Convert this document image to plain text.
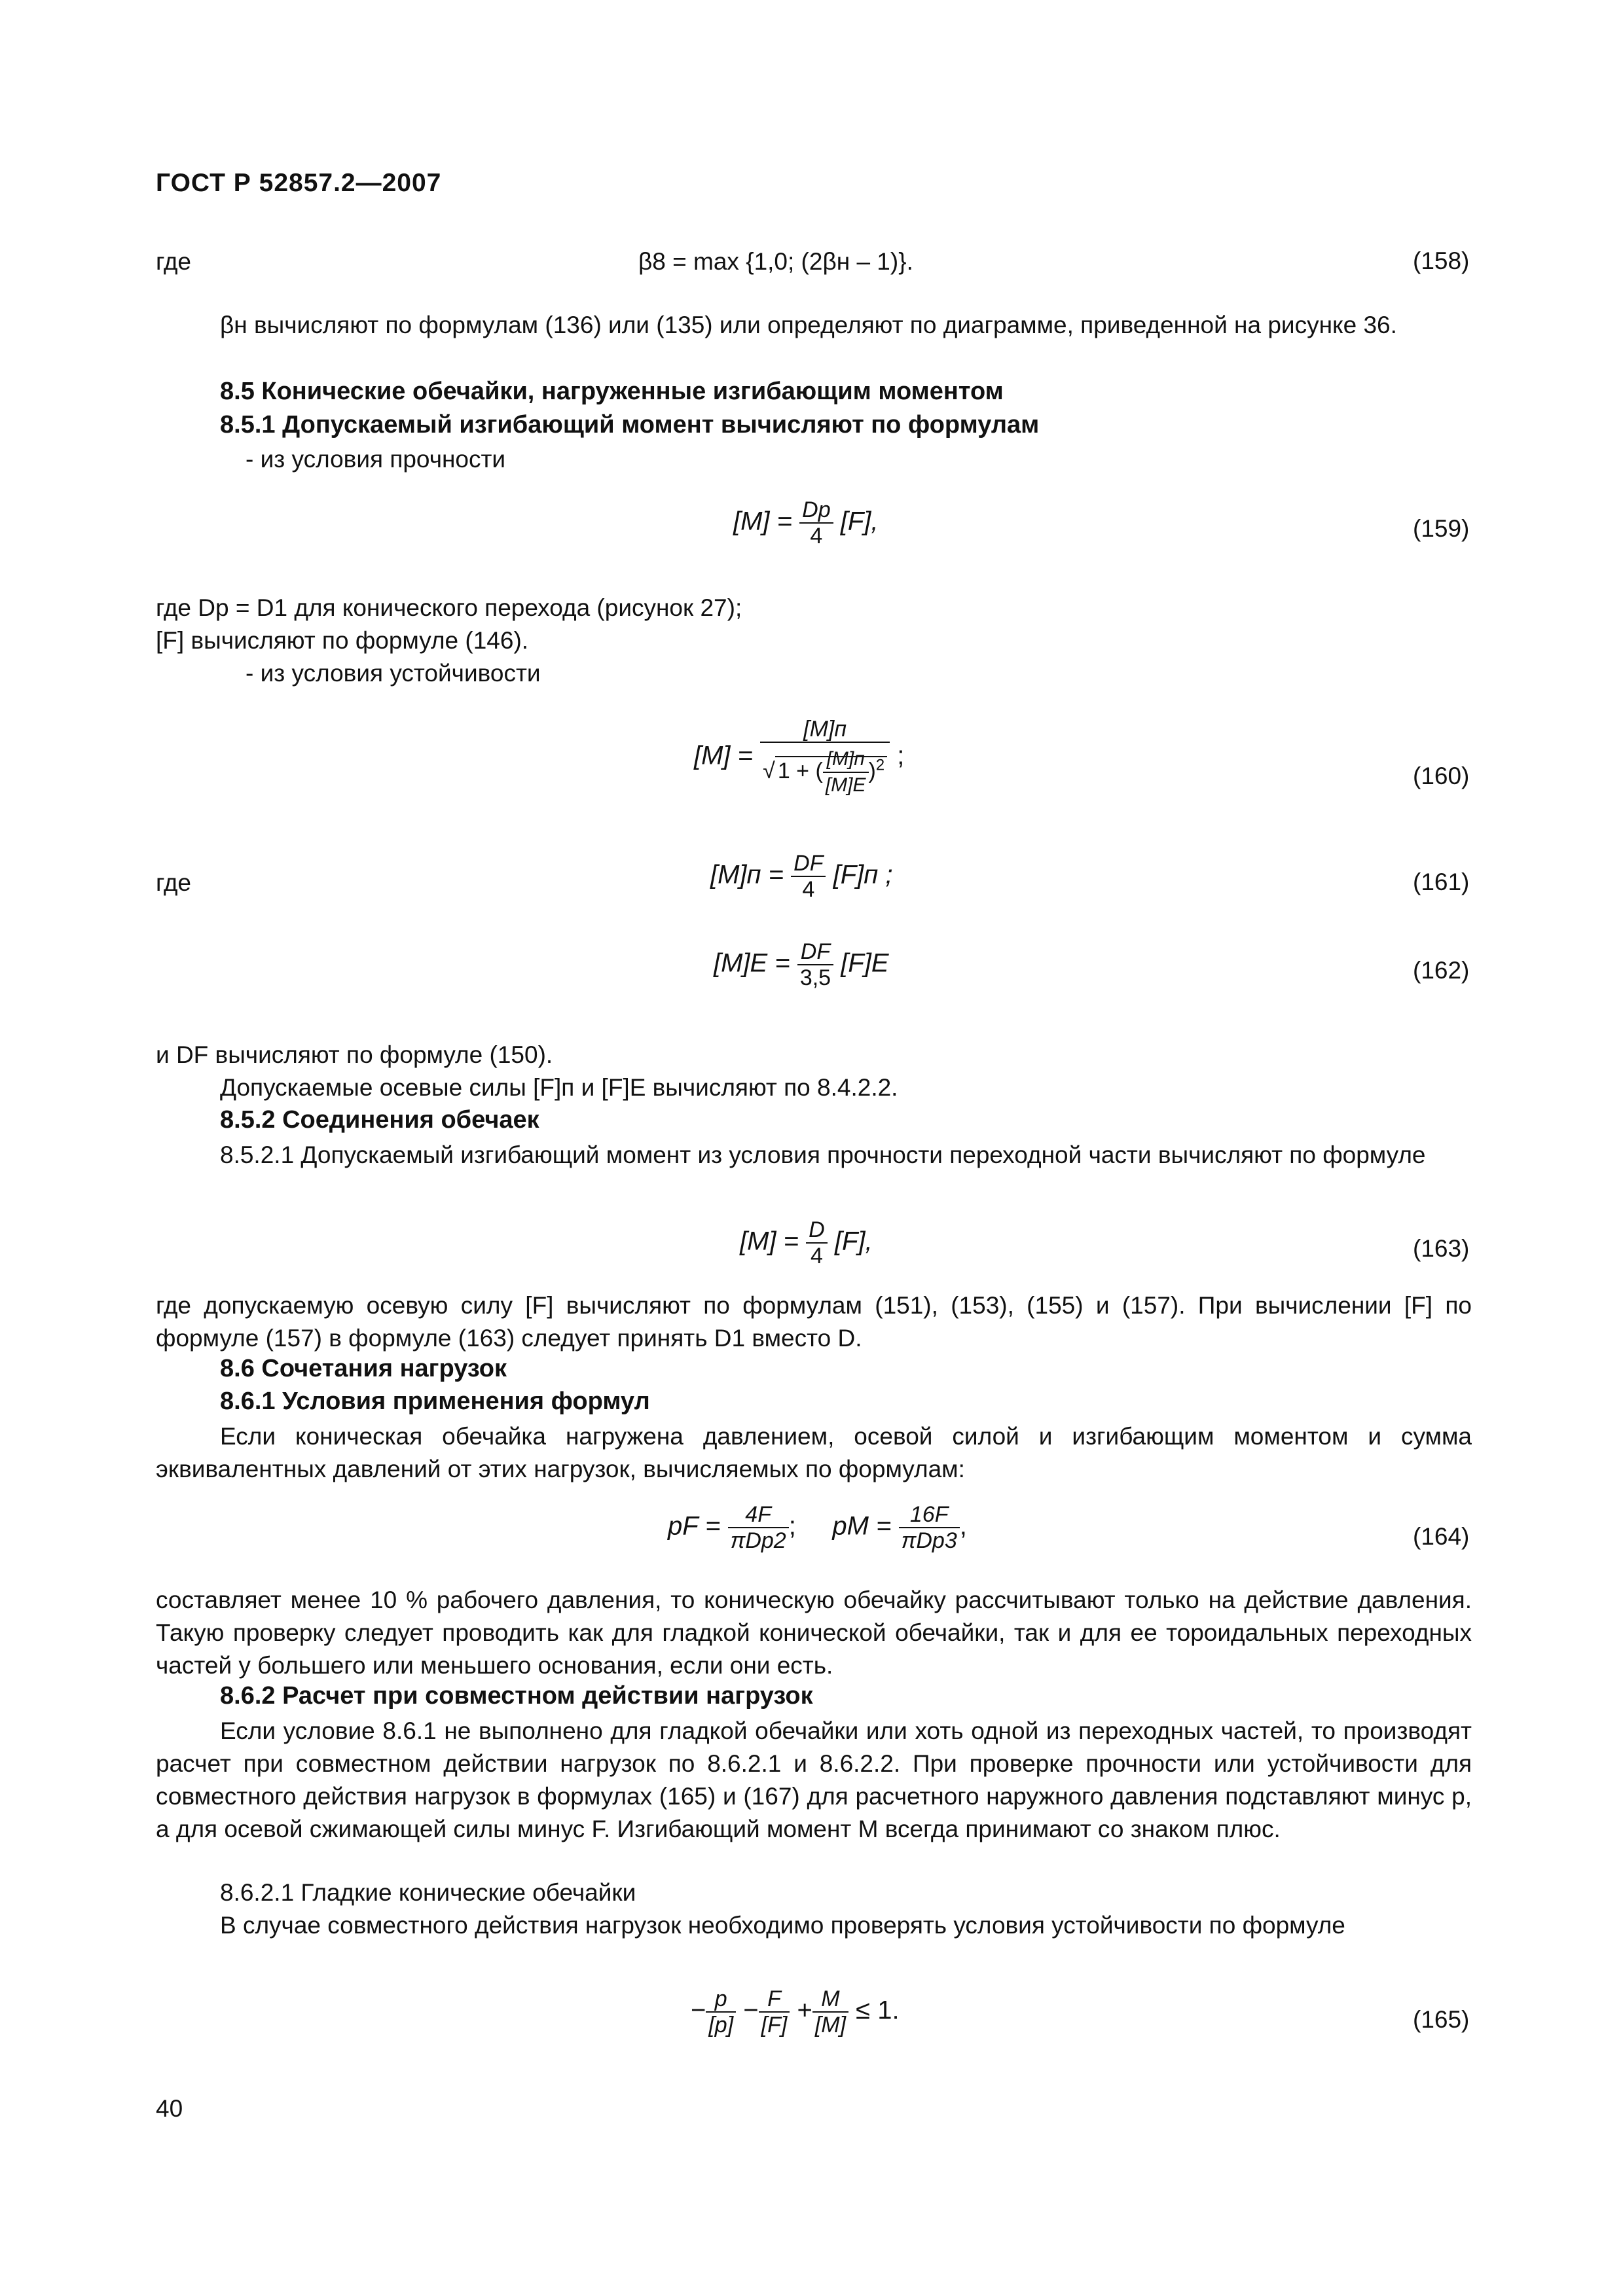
ГОСТ Р 52857.2—2007
где	β8 = max {1,0; (2βн – 1)}.	(158)
βн вычисляют по формулам (136) или (135) или определяют по диаграмме, приведенной на рисунке 36.
8.5 Конические обечайки, нагруженные изгибающим моментом
8.5.1 Допускаемый изгибающий момент вычисляют по формулам
- из условия прочности
$[M] = \frac{Dp}{4} [F]$,	(159)
где Dp = D1 для конического перехода (рисунок 27);
[F] вычисляют по формуле (146).
- из условия устойчивости
$[M] = \frac{[M]п}{√ 1 + ( \frac{[M]п}{[M]E} )^2}$ ;
(160)
где	$[M]п = \frac{DF}{4} [F]п$ ;	(161)
$[M]E = \frac{DF}{3,5} [F]E$	(162)
и DF вычисляют по формуле (150).
Допускаемые осевые силы [F]п и [F]E вычисляют по 8.4.2.2.
8.5.2 Соединения обечаек
8.5.2.1 Допускаемый изгибающий момент из условия прочности переходной части вычисляют по формуле
$[M] = \frac{D}{4} [F]$,	(163)
где допускаемую осевую силу [F] вычисляют по формулам (151), (153), (155) и (157). При вычислении [F] по формуле (157) в формуле (163) следует принять D1 вместо D.
8.6 Сочетания нагрузок
8.6.1 Условия применения формул
Если коническая обечайка нагружена давлением, осевой силой и изгибающим моментом и сумма эквивалентных давлений от этих нагрузок, вычисляемых по формулам:
pF = $\frac{4F}{\text{πDp2}}$ ; pM = $\frac{16F}{\text{πDp3}}$ ,	(164)
составляет менее 10 % рабочего давления, то коническую обечайку рассчитывают только на действие давления. Такую проверку следует проводить как для гладкой конической обечайки, так и для ее тороидальных переходных частей у большего или меньшего основания, если они есть.
8.6.2 Расчет при совместном действии нагрузок
Если условие 8.6.1 не выполнено для гладкой обечайки или хоть одной из переходных частей, то производят расчет при совместном действии нагрузок по 8.6.2.1 и 8.6.2.2. При проверке прочности или устойчивости для совместного действия нагрузок в формулах (165) и (167) для расчетного наружного давления подставляют минус p, а для осевой сжимающей силы минус F. Изгибающий момент M всегда принимают со знаком плюс.
8.6.2.1 Гладкие конические обечайки
В случае совместного действия нагрузок необходимо проверять условия устойчивости по формуле
− $\frac{p}{[p]} - \frac{F}{[F]} + \frac{M}{[M]} \le 1$.	(165)
40
